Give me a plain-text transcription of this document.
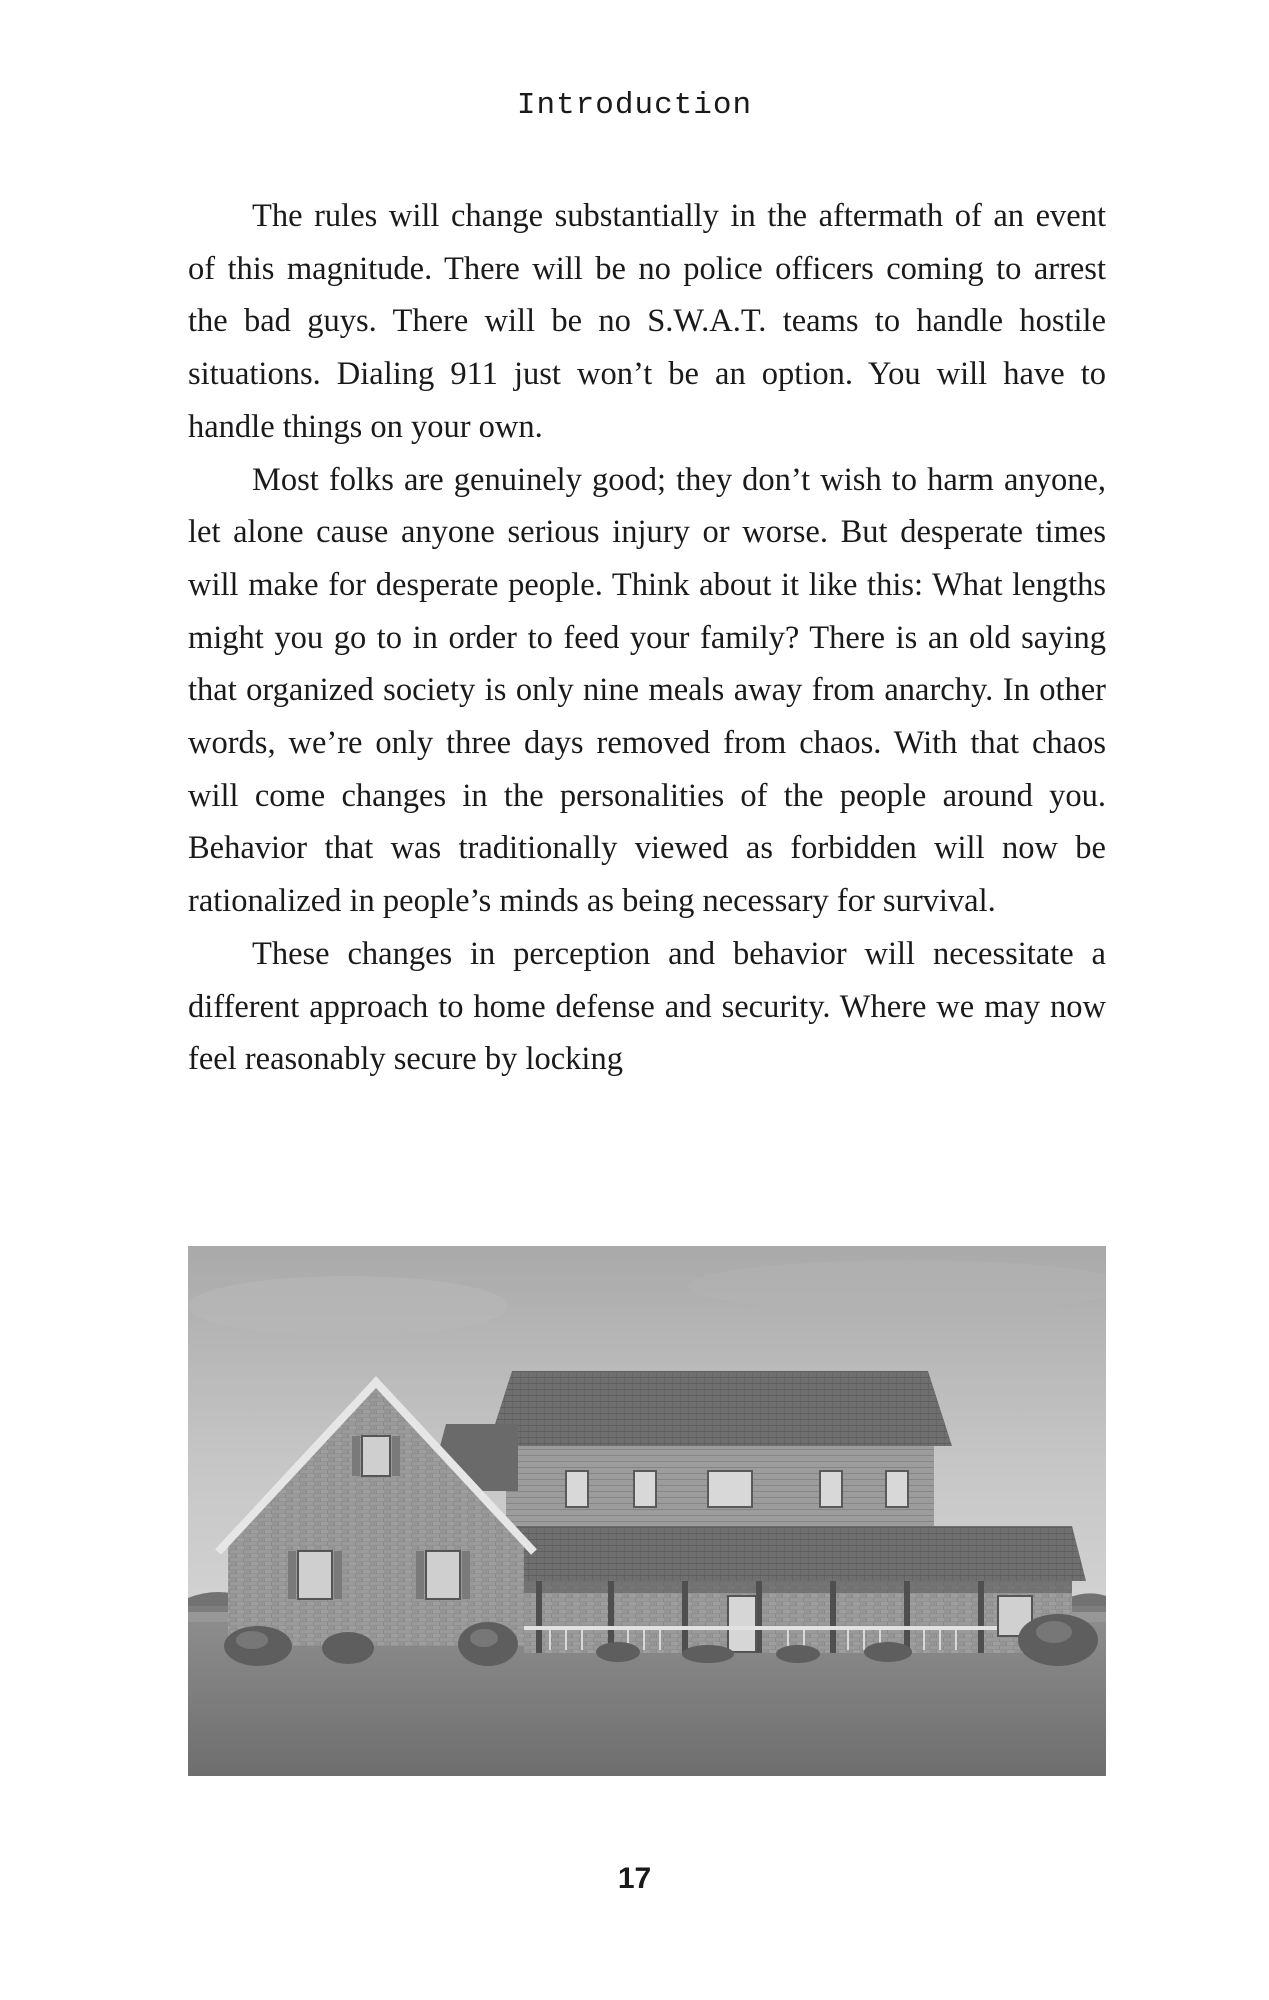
Introduction

The rules will change substantially in the aftermath of an event of this magnitude. There will be no police officers coming to arrest the bad guys. There will be no S.W.A.T. teams to handle hostile situations. Dialing 911 just won’t be an option. You will have to handle things on your own.

Most folks are genuinely good; they don’t wish to harm anyone, let alone cause anyone serious injury or worse. But desperate times will make for desperate people. Think about it like this: What lengths might you go to in order to feed your family? There is an old saying that organized society is only nine meals away from anarchy. In other words, we’re only three days removed from chaos. With that chaos will come changes in the personalities of the people around you. Behavior that was traditionally viewed as forbidden will now be rationalized in people’s minds as being necessary for survival.

These changes in perception and behavior will necessitate a different approach to home defense and security. Where we may now feel reasonably secure by locking

17
